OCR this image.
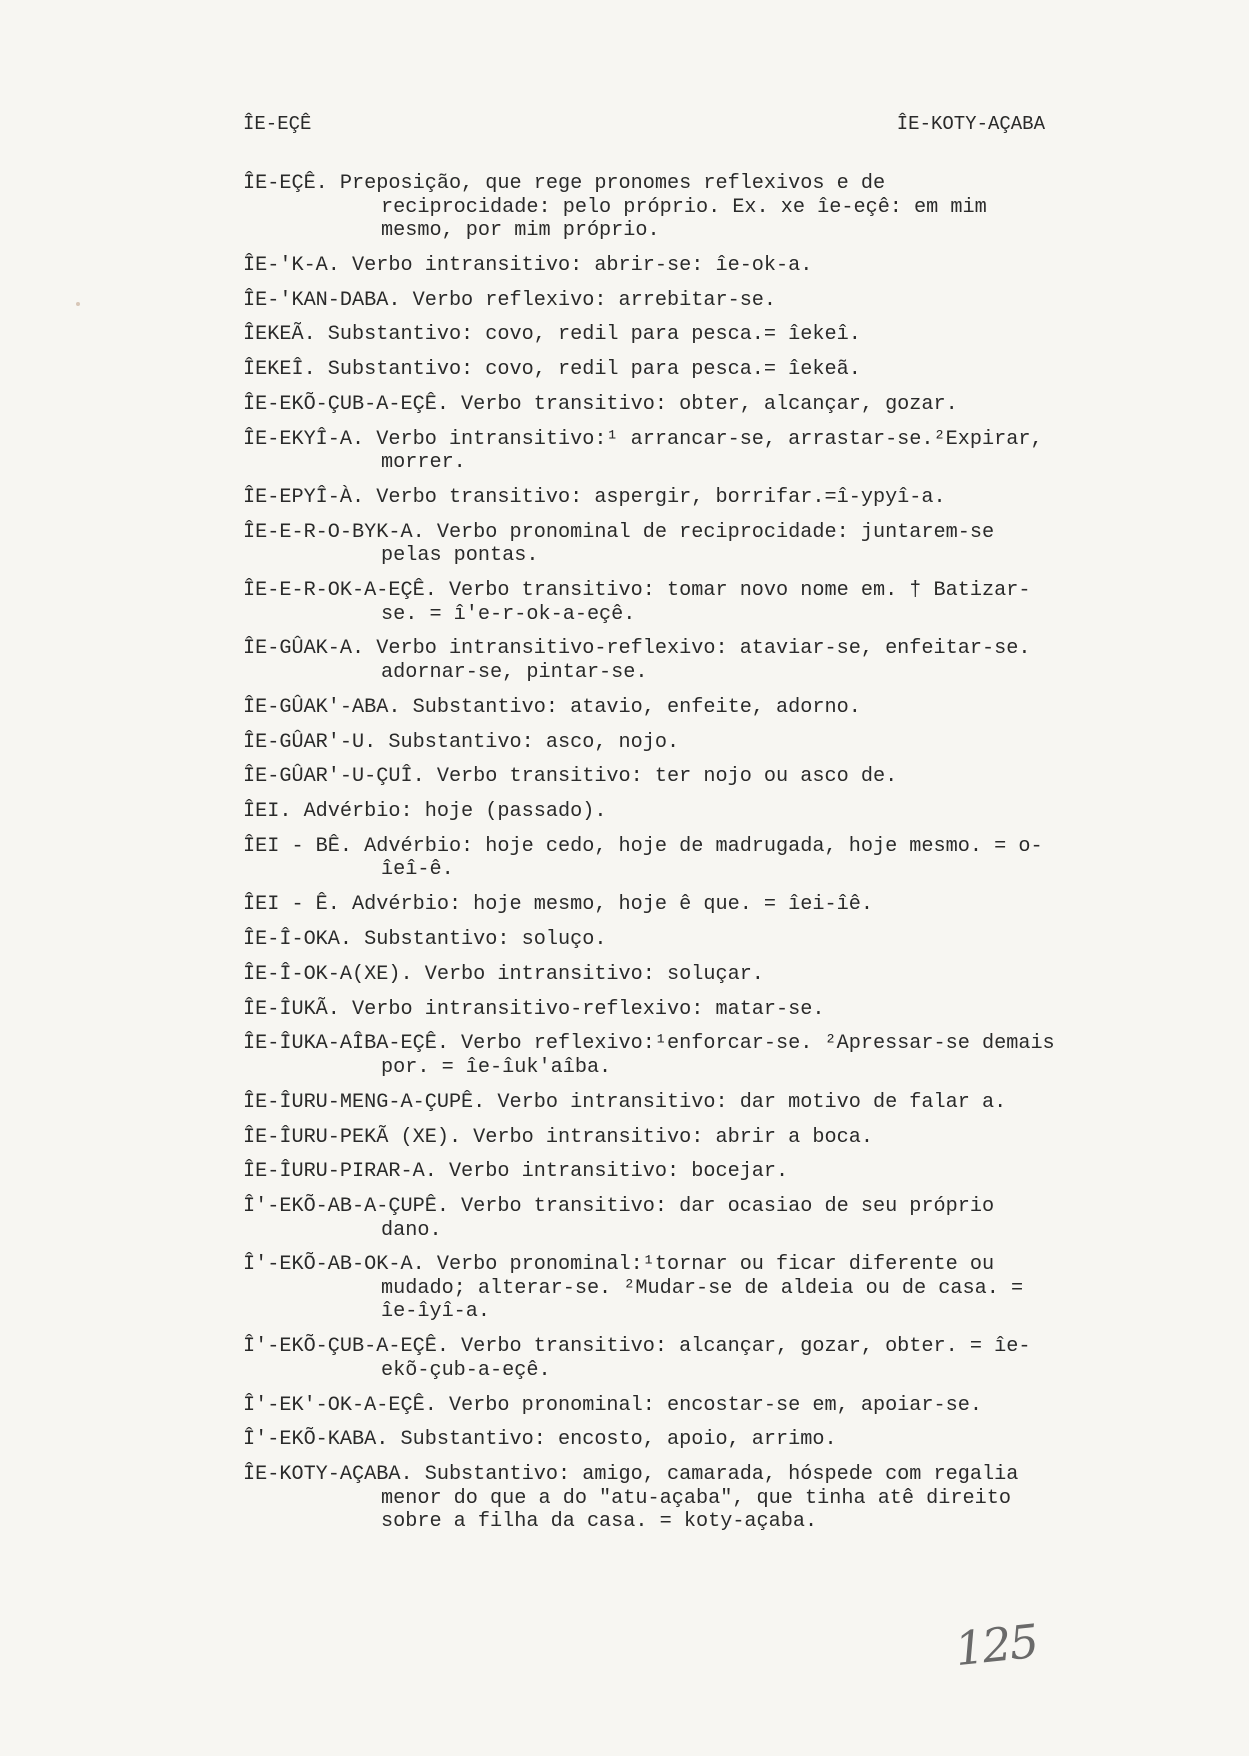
ÎE-EÇÊ	ÎE-KOTY-AÇABA
ÎE-EÇÊ. Preposição, que rege pronomes reflexivos e de reciprocidade: pelo próprio. Ex. xe îe-eçê: em mim mesmo, por mim próprio.
ÎE-'K-A. Verbo intransitivo: abrir-se: îe-ok-a.
ÎE-'KAN-DABA. Verbo reflexivo: arrebitar-se.
ÎEKEÃ. Substantivo: covo, redil para pesca.= îekeî.
ÎEKEÎ. Substantivo: covo, redil para pesca.= îekeã.
ÎE-EKÕ-ÇUB-A-EÇÊ. Verbo transitivo: obter, alcançar, gozar.
ÎE-EKYÎ-A. Verbo intransitivo:¹ arrancar-se, arrastar-se.²Expirar, morrer.
ÎE-EPYÎ-À. Verbo transitivo: aspergir, borrifar.=î-ypyî-a.
ÎE-E-R-O-BYK-A. Verbo pronominal de reciprocidade: juntarem-se pelas pontas.
ÎE-E-R-OK-A-EÇÊ. Verbo transitivo: tomar novo nome em. † Batizar-se. = î'e-r-ok-a-eçê.
ÎE-GÛAK-A. Verbo intransitivo-reflexivo: ataviar-se, enfeitar-se. adornar-se, pintar-se.
ÎE-GÛAK'-ABA. Substantivo: atavio, enfeite, adorno.
ÎE-GÛAR'-U. Substantivo: asco, nojo.
ÎE-GÛAR'-U-ÇUÎ. Verbo transitivo: ter nojo ou asco de.
ÎEI. Advérbio: hoje (passado).
ÎEI - BÊ. Advérbio: hoje cedo, hoje de madrugada, hoje mesmo. = o-îeî-ê.
ÎEI - Ê. Advérbio: hoje mesmo, hoje ê que. = îei-îê.
ÎE-Î-OKA. Substantivo: soluço.
ÎE-Î-OK-A(XE). Verbo intransitivo: soluçar.
ÎE-ÎUKÃ. Verbo intransitivo-reflexivo: matar-se.
ÎE-ÎUKA-AÎBA-EÇÊ. Verbo reflexivo:¹enforcar-se. ²Apressar-se demais por. = îe-îuk'aîba.
ÎE-ÎURU-MENG-A-ÇUPÊ. Verbo intransitivo: dar motivo de falar a.
ÎE-ÎURU-PEKÃ (XE). Verbo intransitivo: abrir a boca.
ÎE-ÎURU-PIRAR-A. Verbo intransitivo: bocejar.
Î'-EKÕ-AB-A-ÇUPÊ. Verbo transitivo: dar ocasiao de seu próprio dano.
Î'-EKÕ-AB-OK-A. Verbo pronominal:¹tornar ou ficar diferente ou mudado; alterar-se. ²Mudar-se de aldeia ou de casa. = îe-îyî-a.
Î'-EKÕ-ÇUB-A-EÇÊ. Verbo transitivo: alcançar, gozar, obter. = îe-ekõ-çub-a-eçê.
Î'-EK'-OK-A-EÇÊ. Verbo pronominal: encostar-se em, apoiar-se.
Î'-EKÕ-KABA. Substantivo: encosto, apoio, arrimo.
ÎE-KOTY-AÇABA. Substantivo: amigo, camarada, hóspede com regalia menor do que a do "atu-açaba", que tinha atê direito sobre a filha da casa. = koty-açaba.
125
